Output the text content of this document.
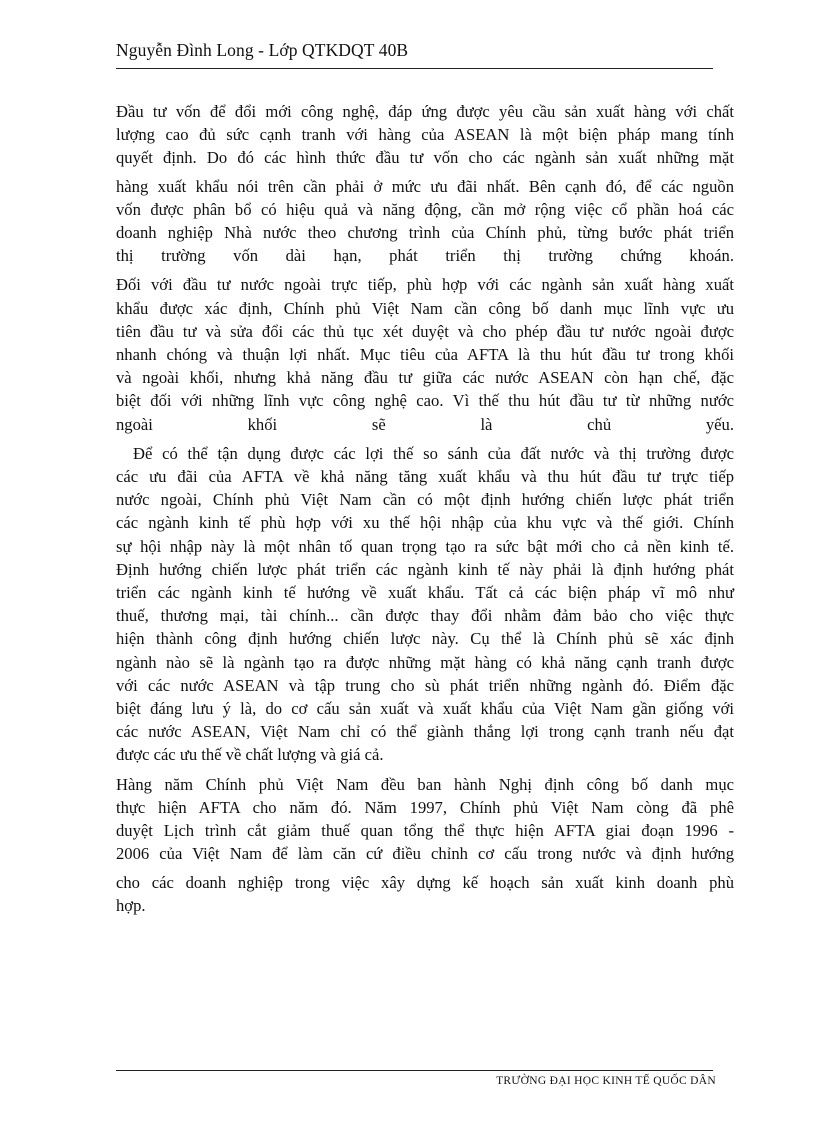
Nguyễn Đình Long - Lớp QTKDQT 40B
Đầu tư vốn để đổi mới công nghệ, đáp ứng được yêu cầu sản xuất hàng với chất
lượng cao đủ sức cạnh tranh với hàng của ASEAN là một biện pháp mang tính
quyết định. Do đó các hình thức đầu tư vốn cho các ngành sản xuất những mặt
hàng xuất khẩu nói trên cần phải ở mức ưu đãi nhất. Bên cạnh đó, để các nguồn
vốn được phân bổ có hiệu quả và năng động, cần mở rộng việc cổ phần hoá các
doanh nghiệp Nhà nước theo chương trình của Chính phủ, từng bước phát triển
thị trường vốn dài hạn, phát triển thị trường chứng khoán.
Đối với đầu tư nước ngoài trực tiếp, phù hợp với các ngành sản xuất hàng xuất
khẩu được xác định, Chính phủ Việt Nam cần công bố danh mục lĩnh vực ưu
tiên đầu tư và sửa đổi các thủ tục xét duyệt và cho phép đầu tư nước ngoài được
nhanh chóng và thuận lợi nhất. Mục tiêu của AFTA là thu hút đầu tư trong khối
và ngoài khối, nhưng khả năng đầu tư giữa các nước ASEAN còn hạn chế, đặc
biệt đối với những lĩnh vực công nghệ cao. Vì thế thu hút đầu tư từ những nước
ngoài khối sẽ là chủ yếu.
Để có thể tận dụng được các lợi thế so sánh của đất nước và thị trường được
các ưu đãi của AFTA về khả năng tăng xuất khẩu và thu hút đầu tư trực tiếp
nước ngoài, Chính phủ Việt Nam cần có một định hướng chiến lược phát triển
các ngành kinh tế phù hợp với xu thế hội nhập của khu vực và thế giới. Chính
sự hội nhập này là một nhân tố quan trọng tạo ra sức bật mới cho cả nền kinh tế.
Định hướng chiến lược phát triển các ngành kinh tế này phải là định hướng phát
triển các ngành kinh tế hướng về xuất khẩu. Tất cả các biện pháp vĩ mô như
thuế, thương mại, tài chính... cần được thay đổi nhằm đảm bảo cho việc thực
hiện thành công định hướng chiến lược này. Cụ thể là Chính phủ sẽ xác định
ngành nào sẽ là ngành tạo ra được những mặt hàng có khả năng cạnh tranh được
với các nước ASEAN và tập trung cho sù phát triển những ngành đó. Điểm đặc
biệt đáng lưu ý là, do cơ cấu sản xuất và xuất khẩu của Việt Nam gần giống với
các nước ASEAN, Việt Nam chỉ có thể giành thắng lợi trong cạnh tranh nếu đạt
được các ưu thế về chất lượng và giá cả.
Hàng năm Chính phủ Việt Nam đều ban hành Nghị định công bố danh mục
thực hiện AFTA cho năm đó. Năm 1997, Chính phủ Việt Nam còng đã phê
duyệt Lịch trình cắt giảm thuế quan tổng thể thực hiện AFTA giai đoạn 1996 -
2006 của Việt Nam để làm căn cứ điều chỉnh cơ cấu trong nước và định hướng
cho các doanh nghiệp trong việc xây dựng kế hoạch sản xuất kinh doanh phù
hợp.
TRƯỜNG ĐẠI HỌC KINH TẾ QUỐC DÂN
